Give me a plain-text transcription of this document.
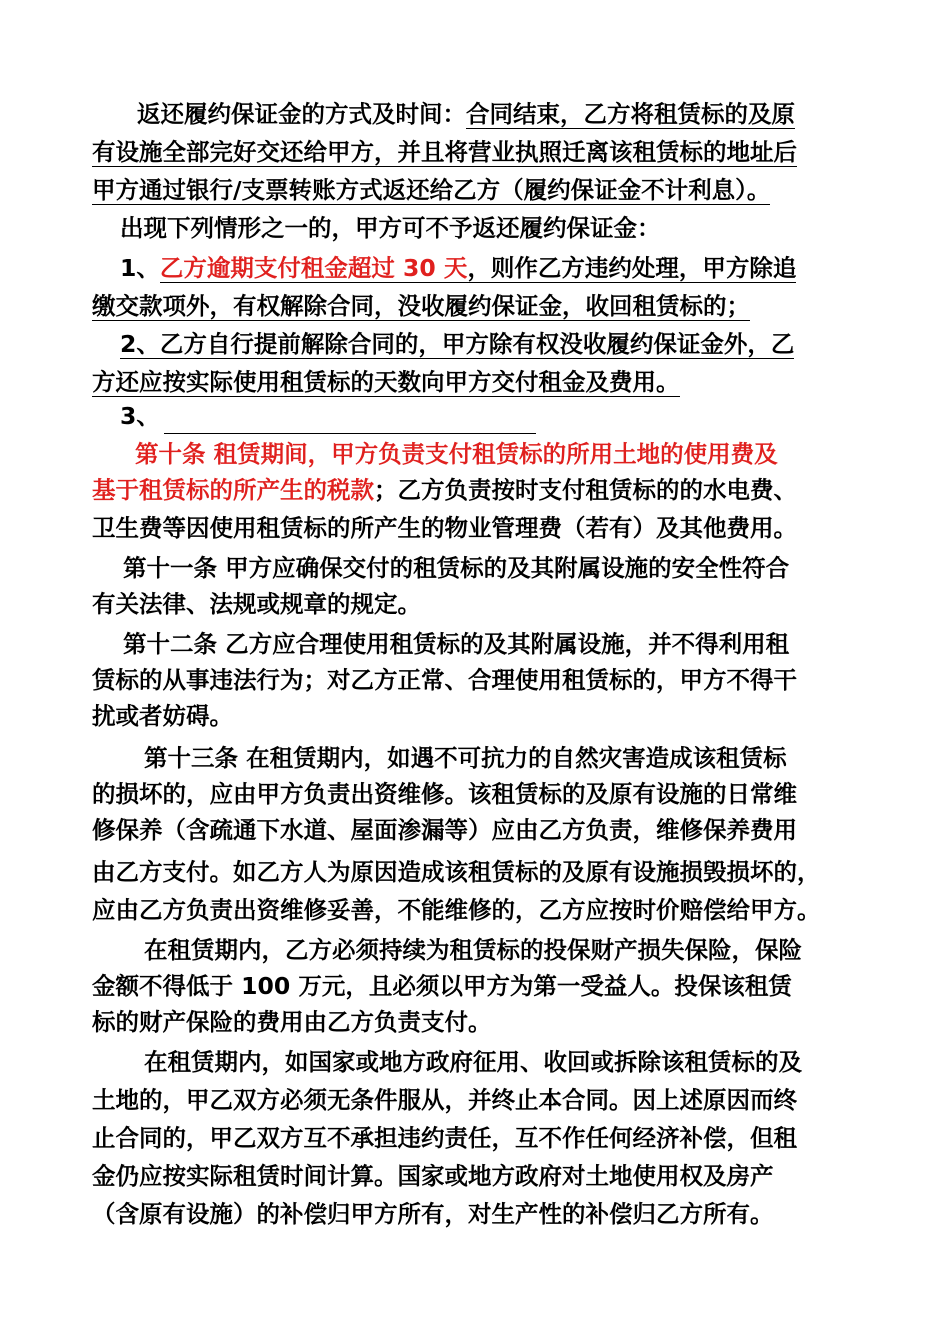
返还履约保证金的方式及时间：合同结束，乙方将租赁标的及原
有设施全部完好交还给甲方，并且将营业执照迁离该租赁标的地址后
甲方通过银行/支票转账方式返还给乙方（履约保证金不计利息）。
出现下列情形之一的，甲方可不予返还履约保证金：
1、乙方逾期支付租金超过 30 天，则作乙方违约处理，甲方除追
缴交款项外，有权解除合同，没收履约保证金，收回租赁标的；
2、乙方自行提前解除合同的，甲方除有权没收履约保证金外，乙
方还应按实际使用租赁标的天数向甲方交付租金及费用。
3、
第十条 租赁期间，甲方负责支付租赁标的所用土地的使用费及
基于租赁标的所产生的税款；乙方负责按时支付租赁标的的水电费、
卫生费等因使用租赁标的所产生的物业管理费（若有）及其他费用。
第十一条 甲方应确保交付的租赁标的及其附属设施的安全性符合
有关法律、法规或规章的规定。
第十二条 乙方应合理使用租赁标的及其附属设施，并不得利用租
赁标的从事违法行为；对乙方正常、合理使用租赁标的，甲方不得干
扰或者妨碍。
第十三条 在租赁期内，如遇不可抗力的自然灾害造成该租赁标
的损坏的，应由甲方负责出资维修。该租赁标的及原有设施的日常维
修保养（含疏通下水道、屋面渗漏等）应由乙方负责，维修保养费用
由乙方支付。如乙方人为原因造成该租赁标的及原有设施损毁损坏的，
应由乙方负责出资维修妥善，不能维修的，乙方应按时价赔偿给甲方。
在租赁期内，乙方必须持续为租赁标的投保财产损失保险，保险
金额不得低于 100 万元，且必须以甲方为第一受益人。投保该租赁
标的财产保险的费用由乙方负责支付。
在租赁期内，如国家或地方政府征用、收回或拆除该租赁标的及
土地的，甲乙双方必须无条件服从，并终止本合同。因上述原因而终
止合同的，甲乙双方互不承担违约责任，互不作任何经济补偿，但租
金仍应按实际租赁时间计算。国家或地方政府对土地使用权及房产
（含原有设施）的补偿归甲方所有，对生产性的补偿归乙方所有。
